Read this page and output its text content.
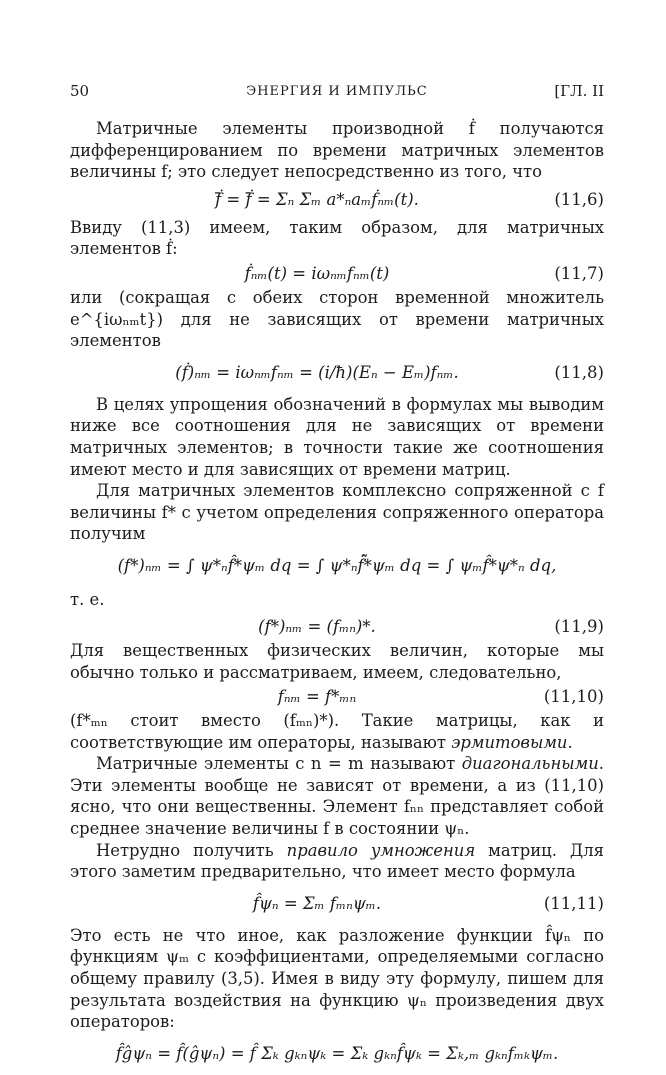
50	ЭНЕРГИЯ И ИМПУЛЬС	[ГЛ. II

Матричные элементы производной ḟ получаются дифференцированием по времени матричных элементов величины f; это следует непосредственно из того, что

ḟ̄ = ḟ̄ = Σₙ Σₘ a*ₙaₘḟₙₘ(t).	(11,6)

Ввиду (11,3) имеем, таким образом, для матричных элементов ḟ:

ḟₙₘ(t) = iωₙₘfₙₘ(t)	(11,7)

или (сокращая с обеих сторон временной множитель e^{iωₙₘt}) для не зависящих от времени матричных элементов

(ḟ)ₙₘ = iωₙₘfₙₘ = (i/ħ)(Eₙ − Eₘ)fₙₘ.	(11,8)

В целях упрощения обозначений в формулах мы выводим ниже все соотношения для не зависящих от времени матричных элементов; в точности такие же соотношения имеют место и для зависящих от времени матриц.

Для матричных элементов комплексно сопряженной с f величины f* с учетом определения сопряженного оператора получим

(f*)ₙₘ = ∫ ψ*ₙf̂*ψₘ dq = ∫ ψ*ₙf̂̃*ψₘ dq = ∫ ψₘf̂*ψ*ₙ dq,

т. е.

(f*)ₙₘ = (fₘₙ)*.	(11,9)

Для вещественных физических величин, которые мы обычно только и рассматриваем, имеем, следовательно,

fₙₘ = f*ₘₙ	(11,10)

(f*ₘₙ стоит вместо (fₘₙ)*). Такие матрицы, как и соответствующие им операторы, называют эрмитовыми.

Матричные элементы с n = m называют диагональными. Эти элементы вообще не зависят от времени, а из (11,10) ясно, что они вещественны. Элемент fₙₙ представляет собой среднее значение величины f в состоянии ψₙ.

Нетрудно получить правило умножения матриц. Для этого заметим предварительно, что имеет место формула

f̂ψₙ = Σₘ fₘₙψₘ.	(11,11)

Это есть не что иное, как разложение функции f̂ψₙ по функциям ψₘ с коэффициентами, определяемыми согласно общему правилу (3,5). Имея в виду эту формулу, пишем для результата воздействия на функцию ψₙ произведения двух операторов:

f̂ĝψₙ = f̂(ĝψₙ) = f̂ Σₖ gₖₙψₖ = Σₖ gₖₙf̂ψₖ = Σₖ,ₘ gₖₙfₘₖψₘ.
